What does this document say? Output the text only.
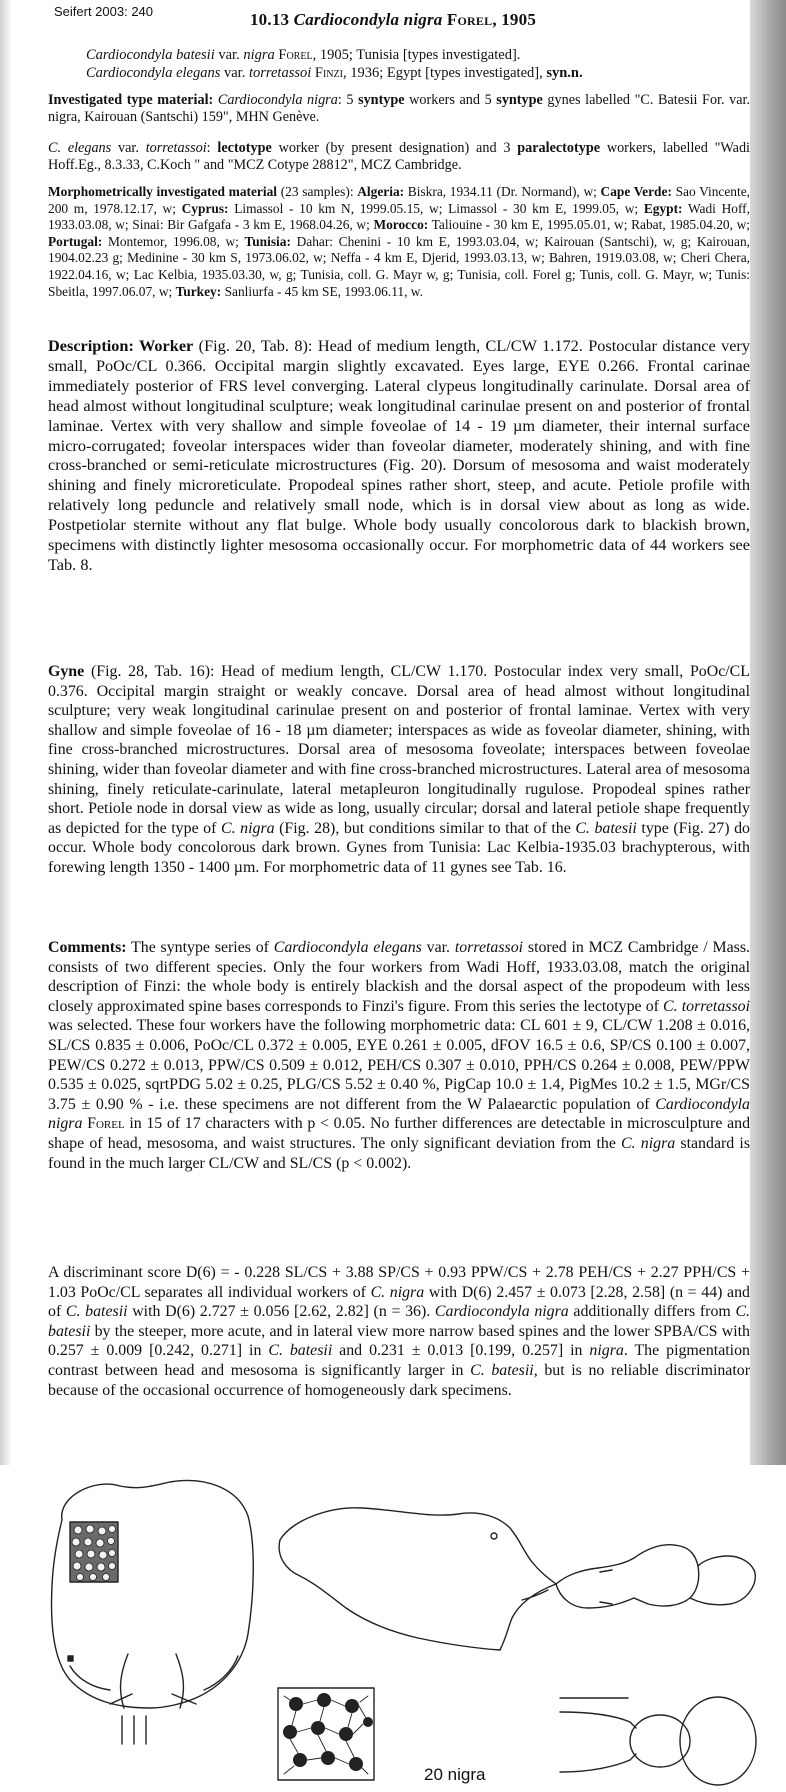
Seifert 2003: 240	10.13 Cardiocondyla nigra Forel, 1905

Cardiocondyla batesii var. nigra Forel, 1905; Tunisia [types investigated].

Cardiocondyla elegans var. torretassoi Finzi, 1936; Egypt [types investigated], syn.n.

Investigated type material: Cardiocondyla nigra: 5 syntype workers and 5 syntype gynes labelled "C. Batesii For. var. nigra, Kairouan (Santschi) 159", MHN Genève.

C. elegans var. torretassoi: lectotype worker (by present designation) and 3 paralectotype workers, labelled "Wadi Hoff.Eg., 8.3.33, C.Koch " and "MCZ Cotype 28812", MCZ Cambridge.

Morphometrically investigated material (23 samples): Algeria: Biskra, 1934.11 (Dr. Normand), w; Cape Verde: Sao Vincente, 200 m, 1978.12.17, w; Cyprus: Limassol - 10 km N, 1999.05.15, w; Limassol - 30 km E, 1999.05, w; Egypt: Wadi Hoff, 1933.03.08, w; Sinai: Bir Gafgafa - 3 km E, 1968.04.26, w; Morocco: Taliouine - 30 km E, 1995.05.01, w; Rabat, 1985.04.20, w; Portugal: Montemor, 1996.08, w; Tunisia: Dahar: Chenini - 10 km E, 1993.03.04, w; Kairouan (Santschi), w, g; Kairouan, 1904.02.23 g; Medinine - 30 km S, 1973.06.02, w; Neffa - 4 km E, Djerid, 1993.03.13, w; Bahren, 1919.03.08, w; Cheri Chera, 1922.04.16, w; Lac Kelbia, 1935.03.30, w, g; Tunisia, coll. G. Mayr w, g; Tunisia, coll. Forel g; Tunis, coll. G. Mayr, w; Tunis: Sbeitla, 1997.06.07, w; Turkey: Sanliurfa - 45 km SE, 1993.06.11, w.

Description: Worker (Fig. 20, Tab. 8): Head of medium length, CL/CW 1.172. Postocular distance very small, PoOc/CL 0.366. Occipital margin slightly excavated. Eyes large, EYE 0.266. Frontal carinae immediately posterior of FRS level converging. Lateral clypeus longitudinally carinulate. Dorsal area of head almost without longitudinal sculpture; weak longitudinal carinulae present on and posterior of frontal laminae. Vertex with very shallow and simple foveolae of 14 - 19 µm diameter, their internal surface micro-corrugated; foveolar interspaces wider than foveolar diameter, moderately shining, and with fine cross-branched or semi-reticulate microstructures (Fig. 20). Dorsum of mesosoma and waist moderately shining and finely microreticulate. Propodeal spines rather short, steep, and acute. Petiole profile with relatively long peduncle and relatively small node, which is in dorsal view about as long as wide. Postpetiolar sternite without any flat bulge. Whole body usually concolorous dark to blackish brown, specimens with distinctly lighter mesosoma occasionally occur. For morphometric data of 44 workers see Tab. 8.

Gyne (Fig. 28, Tab. 16): Head of medium length, CL/CW 1.170. Postocular index very small, PoOc/CL 0.376. Occipital margin straight or weakly concave. Dorsal area of head almost without longitudinal sculpture; very weak longitudinal carinulae present on and posterior of frontal laminae. Vertex with very shallow and simple foveolae of 16 - 18 µm diameter; interspaces as wide as foveolar diameter, shining, with fine cross-branched microstructures. Dorsal area of mesosoma foveolate; interspaces between foveolae shining, wider than foveolar diameter and with fine cross-branched microstructures. Lateral area of mesosoma shining, finely reticulate-carinulate, lateral metapleuron longitudinally rugulose. Propodeal spines rather short. Petiole node in dorsal view as wide as long, usually circular; dorsal and lateral petiole shape frequently as depicted for the type of C. nigra (Fig. 28), but conditions similar to that of the C. batesii type (Fig. 27) do occur. Whole body concolorous dark brown. Gynes from Tunisia: Lac Kelbia-1935.03 brachypterous, with forewing length 1350 - 1400 µm. For morphometric data of 11 gynes see Tab. 16.

Comments: The syntype series of Cardiocondyla elegans var. torretassoi stored in MCZ Cambridge / Mass. consists of two different species. Only the four workers from Wadi Hoff, 1933.03.08, match the original description of Finzi: the whole body is entirely blackish and the dorsal aspect of the propodeum with less closely approximated spine bases corresponds to Finzi's figure. From this series the lectotype of C. torretassoi was selected. These four workers have the following morphometric data: CL 601 ± 9, CL/CW 1.208 ± 0.016, SL/CS 0.835 ± 0.006, PoOc/CL 0.372 ± 0.005, EYE 0.261 ± 0.005, dFOV 16.5 ± 0.6, SP/CS 0.100 ± 0.007, PEW/CS 0.272 ± 0.013, PPW/CS 0.509 ± 0.012, PEH/CS 0.307 ± 0.010, PPH/CS 0.264 ± 0.008, PEW/PPW 0.535 ± 0.025, sqrtPDG 5.02 ± 0.25, PLG/CS 5.52 ± 0.40 %, PigCap 10.0 ± 1.4, PigMes 10.2 ± 1.5, MGr/CS 3.75 ± 0.90 % - i.e. these specimens are not different from the W Palaearctic population of Cardiocondyla nigra Forel in 15 of 17 characters with p < 0.05. No further differences are detectable in microsculpture and shape of head, mesosoma, and waist structures. The only significant deviation from the C. nigra standard is found in the much larger CL/CW and SL/CS (p < 0.002).

A discriminant score D(6) = - 0.228 SL/CS + 3.88 SP/CS + 0.93 PPW/CS + 2.78 PEH/CS + 2.27 PPH/CS + 1.03 PoOc/CL separates all individual workers of C. nigra with D(6) 2.457 ± 0.073 [2.28, 2.58] (n = 44) and of C. batesii with D(6) 2.727 ± 0.056 [2.62, 2.82] (n = 36). Cardiocondyla nigra additionally differs from C. batesii by the steeper, more acute, and in lateral view more narrow based spines and the lower SPBA/CS with 0.257 ± 0.009 [0.242, 0.271] in C. batesii and 0.231 ± 0.013 [0.199, 0.257] in nigra. The pigmentation contrast between head and mesosoma is significantly larger in C. batesii, but is no reliable discriminator because of the occasional occurrence of homogeneously dark specimens.

20 nigra
